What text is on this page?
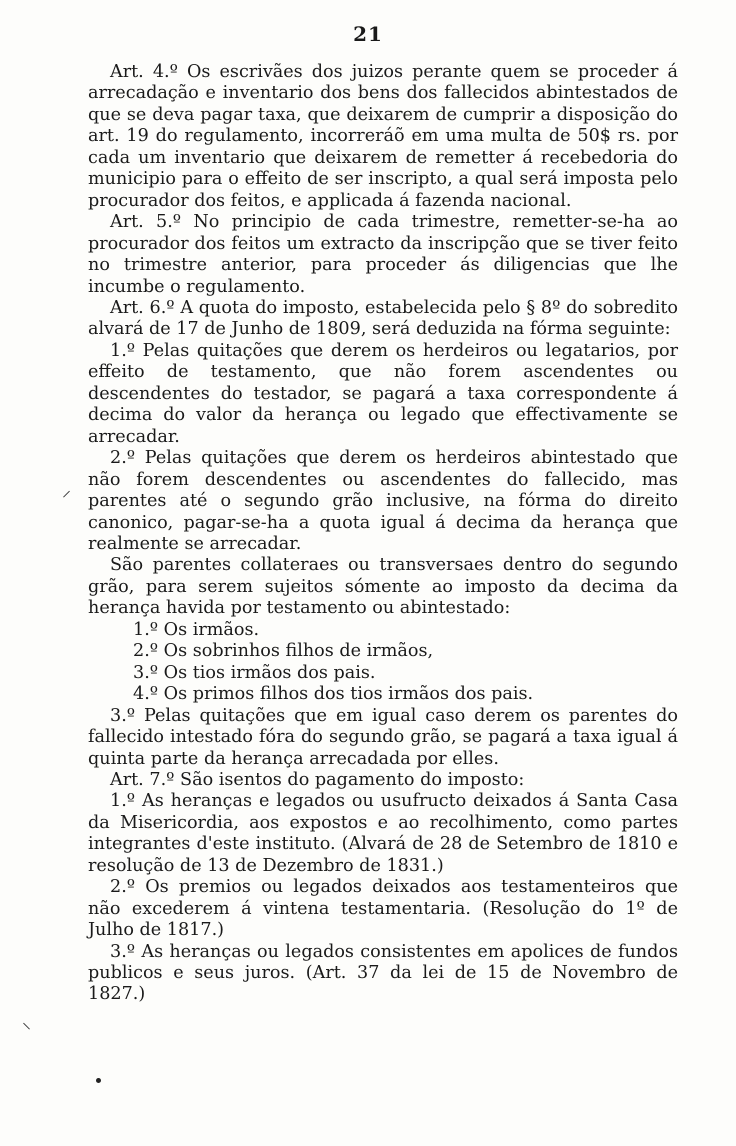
21

Art. 4.º Os escrivães dos juizos perante quem se proceder á arrecadação e inventario dos bens dos fallecidos abintestados de que se deva pagar taxa, que deixarem de cumprir a disposição do art. 19 do regulamento, incorreráõ em uma multa de 50$ rs. por cada um inventario que deixarem de remetter á recebedoria do municipio para o effeito de ser inscripto, a qual será imposta pelo procurador dos feitos, e applicada á fazenda nacional.

Art. 5.º No principio de cada trimestre, remetter-se-ha ao procurador dos feitos um extracto da inscripção que se tiver feito no trimestre anterior, para proceder ás diligencias que lhe incumbe o regulamento.

Art. 6.º A quota do imposto, estabelecida pelo § 8º do sobredito alvará de 17 de Junho de 1809, será deduzida na fórma seguinte:

1.º Pelas quitações que derem os herdeiros ou legatarios, por effeito de testamento, que não forem ascendentes ou descendentes do testador, se pagará a taxa correspondente á decima do valor da herança ou legado que effectivamente se arrecadar.

2.º Pelas quitações que derem os herdeiros abintestado que não forem descendentes ou ascendentes do fallecido, mas parentes até o segundo grão inclusive, na fórma do direito canonico, pagar-se-ha a quota igual á decima da herança que realmente se arrecadar.

São parentes collateraes ou transversaes dentro do segundo grão, para serem sujeitos sómente ao imposto da decima da herança havida por testamento ou abintestado:

1.º Os irmãos.

2.º Os sobrinhos filhos de irmãos,

3.º Os tios irmãos dos pais.

4.º Os primos filhos dos tios irmãos dos pais.

3.º Pelas quitações que em igual caso derem os parentes do fallecido intestado fóra do segundo grão, se pagará a taxa igual á quinta parte da herança arrecadada por elles.

Art. 7.º São isentos do pagamento do imposto:

1.º As heranças e legados ou usufructo deixados á Santa Casa da Misericordia, aos expostos e ao recolhimento, como partes integrantes d'este instituto. (Alvará de 28 de Setembro de 1810 e resolução de 13 de Dezembro de 1831.)

2.º Os premios ou legados deixados aos testamenteiros que não excederem á vintena testamentaria. (Resolução do 1º de Julho de 1817.)

3.º As heranças ou legados consistentes em apolices de fundos publicos e seus juros. (Art. 37 da lei de 15 de Novembro de 1827.)

⸝
⸜
